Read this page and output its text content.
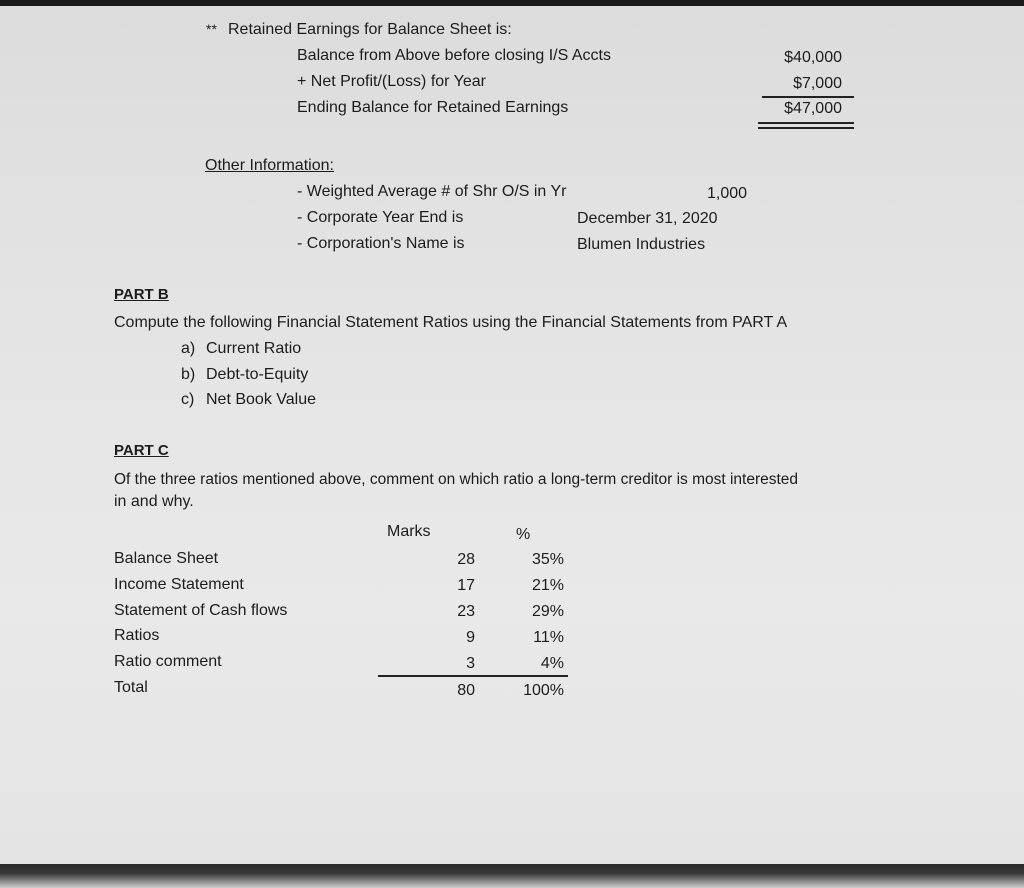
** Retained Earnings for Balance Sheet is:
Balance from Above before closing I/S Accts	$40,000
+ Net Profit/(Loss) for Year	$7,000
Ending Balance for Retained Earnings	$47,000
Other Information:
- Weighted Average # of Shr O/S in Yr	1,000
- Corporate Year End is	December 31, 2020
- Corporation's Name is	Blumen Industries
PART B
Compute the following Financial Statement Ratios using the Financial Statements from PART A
a) Current Ratio
b) Debt-to-Equity
c) Net Book Value
PART C
Of the three ratios mentioned above, comment on which ratio a long-term creditor is most interested
in and why.
Marks	%
Balance Sheet	28	35%
Income Statement	17	21%
Statement of Cash flows	23	29%
Ratios	9	11%
Ratio comment	3	4%
Total	80	100%
